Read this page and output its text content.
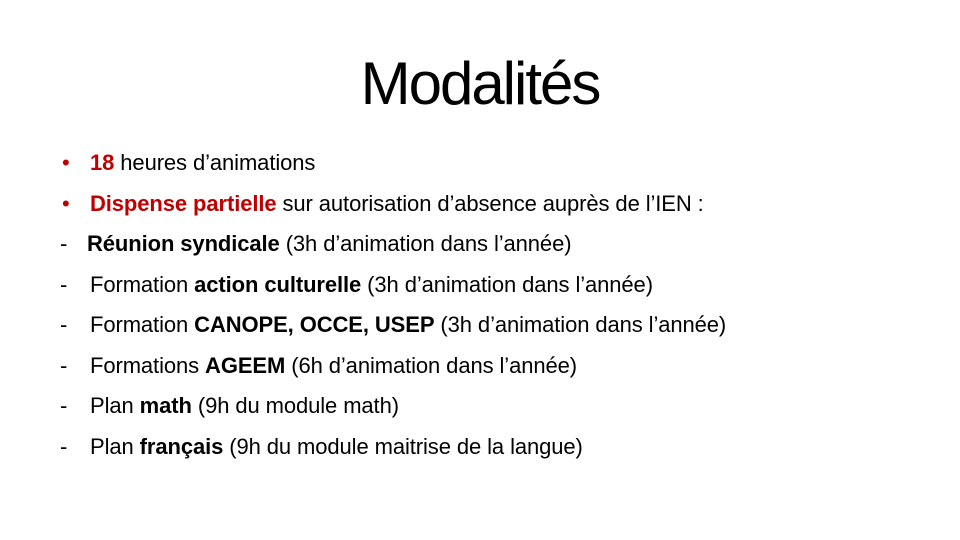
Modalités
• 18 heures d’animations
• Dispense partielle sur autorisation d’absence auprès de l’IEN :
- Réunion syndicale (3h d’animation dans l’année)
- Formation action culturelle (3h d’animation dans l’année)
- Formation CANOPE, OCCE, USEP (3h d’animation dans l’année)
- Formations AGEEM (6h d’animation dans l’année)
- Plan math (9h du module math)
- Plan français (9h du module maitrise de la langue)
